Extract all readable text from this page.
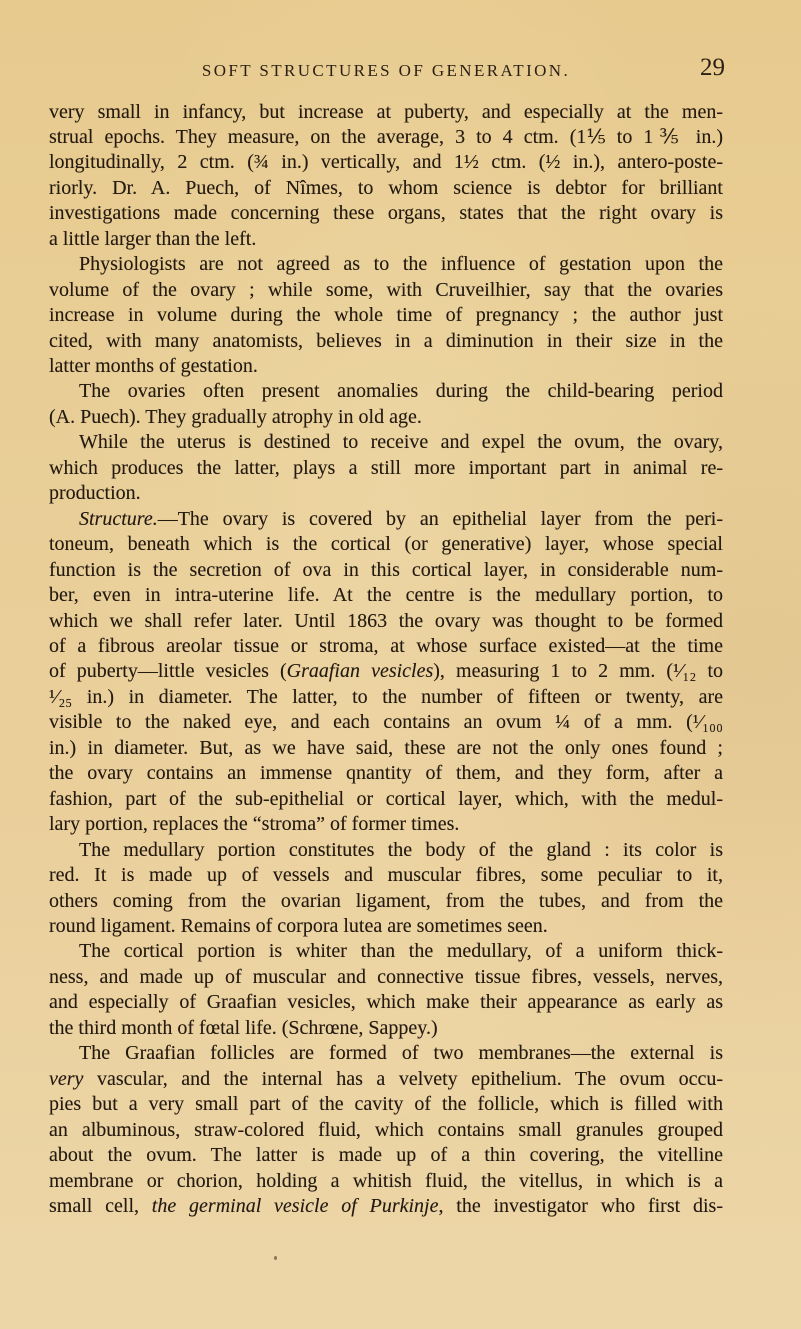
SOFT STRUCTURES OF GENERATION.	29
very small in infancy, but increase at puberty, and especially at the men-
strual epochs. They measure, on the average, 3 to 4 ctm. (1⅕ to 1⅗ in.)
longitudinally, 2 ctm. (¾ in.) vertically, and 1½ ctm. (½ in.), antero-poste-
riorly. Dr. A. Puech, of Nîmes, to whom science is debtor for brilliant
investigations made concerning these organs, states that the right ovary is
a little larger than the left.
Physiologists are not agreed as to the influence of gestation upon the
volume of the ovary ; while some, with Cruveilhier, say that the ovaries
increase in volume during the whole time of pregnancy ; the author just
cited, with many anatomists, believes in a diminution in their size in the
latter months of gestation.
The ovaries often present anomalies during the child-bearing period
(A. Puech). They gradually atrophy in old age.
While the uterus is destined to receive and expel the ovum, the ovary,
which produces the latter, plays a still more important part in animal re-
production.
Structure.—The ovary is covered by an epithelial layer from the peri-
toneum, beneath which is the cortical (or generative) layer, whose special
function is the secretion of ova in this cortical layer, in considerable num-
ber, even in intra-uterine life. At the centre is the medullary portion, to
which we shall refer later. Until 1863 the ovary was thought to be formed
of a fibrous areolar tissue or stroma, at whose surface existed—at the time
of puberty—little vesicles (Graafian vesicles), measuring 1 to 2 mm. (¹⁄₁₂ to
¹⁄₂₅ in.) in diameter. The latter, to the number of fifteen or twenty, are
visible to the naked eye, and each contains an ovum ¼ of a mm. (¹⁄₁₀₀
in.) in diameter. But, as we have said, these are not the only ones found ;
the ovary contains an immense qnantity of them, and they form, after a
fashion, part of the sub-epithelial or cortical layer, which, with the medul-
lary portion, replaces the “stroma” of former times.
The medullary portion constitutes the body of the gland : its color is
red. It is made up of vessels and muscular fibres, some peculiar to it,
others coming from the ovarian ligament, from the tubes, and from the
round ligament. Remains of corpora lutea are sometimes seen.
The cortical portion is whiter than the medullary, of a uniform thick-
ness, and made up of muscular and connective tissue fibres, vessels, nerves,
and especially of Graafian vesicles, which make their appearance as early as
the third month of fœtal life. (Schrœne, Sappey.)
The Graafian follicles are formed of two membranes—the external is
very vascular, and the internal has a velvety epithelium. The ovum occu-
pies but a very small part of the cavity of the follicle, which is filled with
an albuminous, straw-colored fluid, which contains small granules grouped
about the ovum. The latter is made up of a thin covering, the vitelline
membrane or chorion, holding a whitish fluid, the vitellus, in which is a
small cell, the germinal vesicle of Purkinje, the investigator who first dis-
